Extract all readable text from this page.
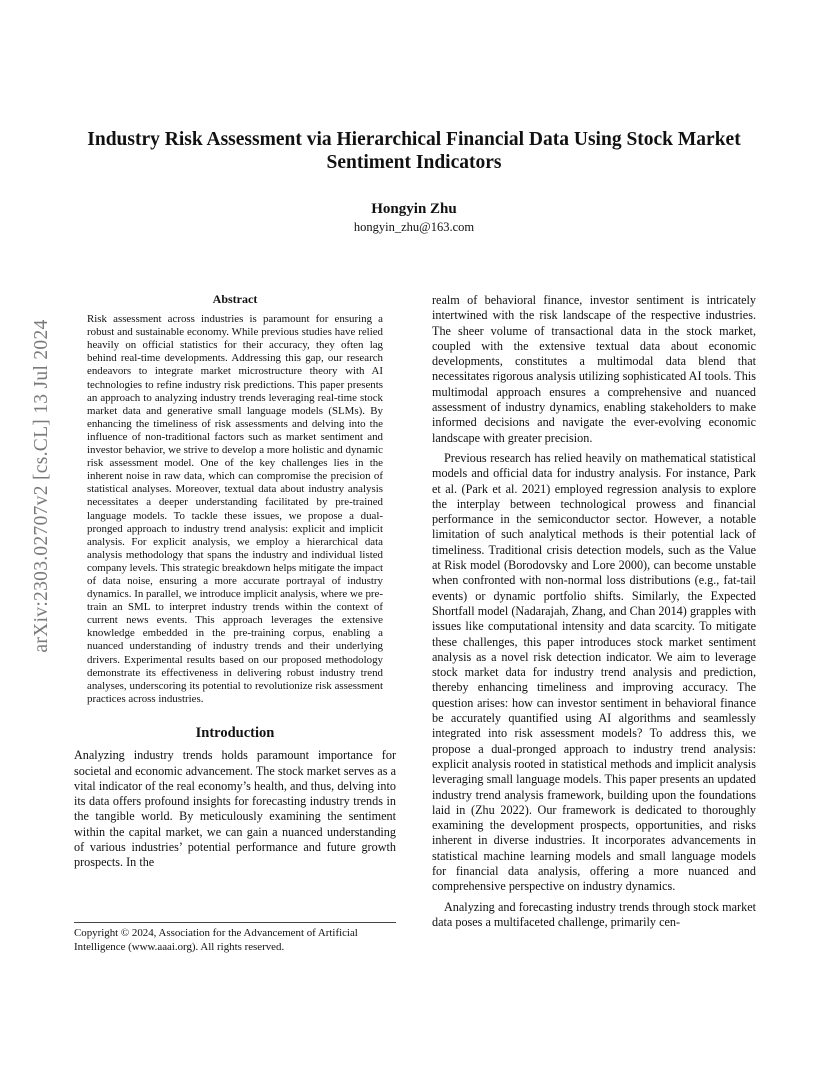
arXiv:2303.02707v2 [cs.CL] 13 Jul 2024
Industry Risk Assessment via Hierarchical Financial Data Using Stock Market Sentiment Indicators
Hongyin Zhu
hongyin_zhu@163.com
Abstract

Risk assessment across industries is paramount for ensuring a robust and sustainable economy. While previous studies have relied heavily on official statistics for their accuracy, they often lag behind real-time developments. Addressing this gap, our research endeavors to integrate market microstructure theory with AI technologies to refine industry risk predictions. This paper presents an approach to analyzing industry trends leveraging real-time stock market data and generative small language models (SLMs). By enhancing the timeliness of risk assessments and delving into the influence of non-traditional factors such as market sentiment and investor behavior, we strive to develop a more holistic and dynamic risk assessment model. One of the key challenges lies in the inherent noise in raw data, which can compromise the precision of statistical analyses. Moreover, textual data about industry analysis necessitates a deeper understanding facilitated by pre-trained language models. To tackle these issues, we propose a dual-pronged approach to industry trend analysis: explicit and implicit analysis. For explicit analysis, we employ a hierarchical data analysis methodology that spans the industry and individual listed company levels. This strategic breakdown helps mitigate the impact of data noise, ensuring a more accurate portrayal of industry dynamics. In parallel, we introduce implicit analysis, where we pre-train an SML to interpret industry trends within the context of current news events. This approach leverages the extensive knowledge embedded in the pre-training corpus, enabling a nuanced understanding of industry trends and their underlying drivers. Experimental results based on our proposed methodology demonstrate its effectiveness in delivering robust industry trend analyses, underscoring its potential to revolutionize risk assessment practices across industries.

Introduction

Analyzing industry trends holds paramount importance for societal and economic advancement. The stock market serves as a vital indicator of the real economy’s health, and thus, delving into its data offers profound insights for forecasting industry trends in the tangible world. By meticulously examining the sentiment within the capital market, we can gain a nuanced understanding of various industries’ potential performance and future growth prospects. In the

Copyright © 2024, Association for the Advancement of Artificial Intelligence (www.aaai.org). All rights reserved.

realm of behavioral finance, investor sentiment is intricately intertwined with the risk landscape of the respective industries. The sheer volume of transactional data in the stock market, coupled with the extensive textual data about economic developments, constitutes a multimodal data blend that necessitates rigorous analysis utilizing sophisticated AI tools. This multimodal approach ensures a comprehensive and nuanced assessment of industry dynamics, enabling stakeholders to make informed decisions and navigate the ever-evolving economic landscape with greater precision.

Previous research has relied heavily on mathematical statistical models and official data for industry analysis. For instance, Park et al. (Park et al. 2021) employed regression analysis to explore the interplay between technological prowess and financial performance in the semiconductor sector. However, a notable limitation of such analytical methods is their potential lack of timeliness. Traditional crisis detection models, such as the Value at Risk model (Borodovsky and Lore 2000), can become unstable when confronted with non-normal loss distributions (e.g., fat-tail events) or dynamic portfolio shifts. Similarly, the Expected Shortfall model (Nadarajah, Zhang, and Chan 2014) grapples with issues like computational intensity and data scarcity. To mitigate these challenges, this paper introduces stock market sentiment analysis as a novel risk detection indicator. We aim to leverage stock market data for industry trend analysis and prediction, thereby enhancing timeliness and improving accuracy. The question arises: how can investor sentiment in behavioral finance be accurately quantified using AI algorithms and seamlessly integrated into risk assessment models? To address this, we propose a dual-pronged approach to industry trend analysis: explicit analysis rooted in statistical methods and implicit analysis leveraging small language models. This paper presents an updated industry trend analysis framework, building upon the foundations laid in (Zhu 2022). Our framework is dedicated to thoroughly examining the development prospects, opportunities, and risks inherent in diverse industries. It incorporates advancements in statistical machine learning models and small language models for financial data analysis, offering a more nuanced and comprehensive perspective on industry dynamics.

Analyzing and forecasting industry trends through stock market data poses a multifaceted challenge, primarily cen-
